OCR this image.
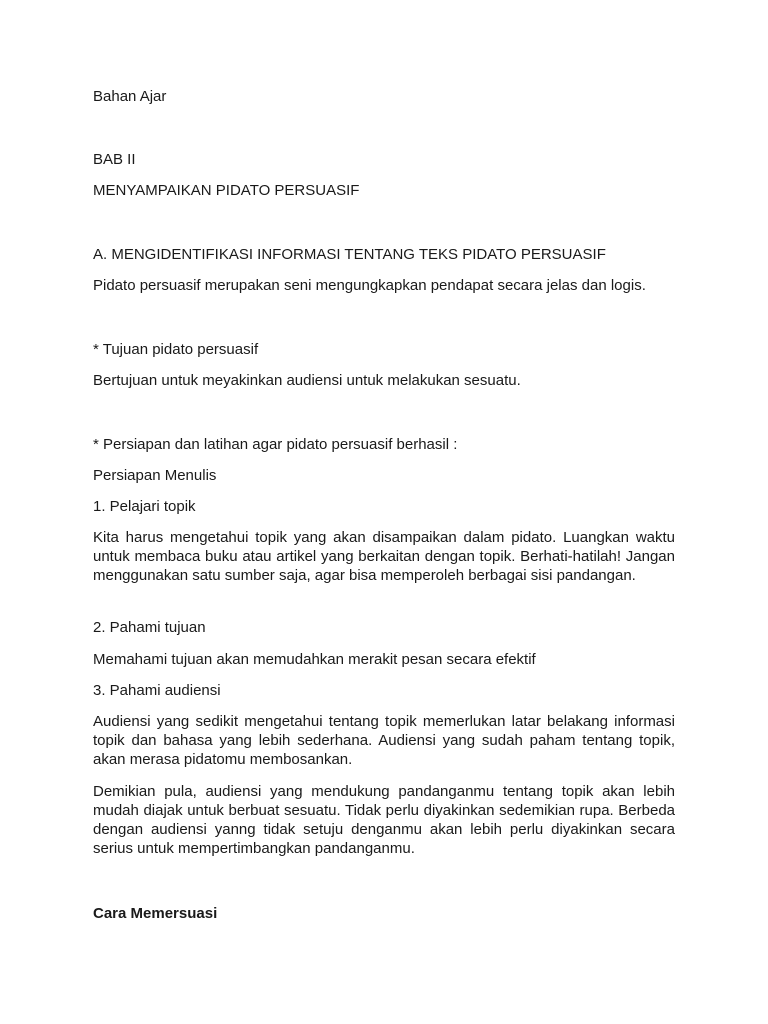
Bahan Ajar

BAB II

MENYAMPAIKAN PIDATO PERSUASIF

A. MENGIDENTIFIKASI INFORMASI TENTANG TEKS PIDATO PERSUASIF

Pidato persuasif merupakan seni mengungkapkan pendapat secara jelas dan logis.

* Tujuan pidato persuasif

Bertujuan untuk meyakinkan audiensi untuk melakukan sesuatu.

* Persiapan dan latihan agar pidato persuasif berhasil :

Persiapan Menulis

1. Pelajari topik

Kita harus mengetahui topik yang akan disampaikan dalam pidato. Luangkan waktu untuk membaca buku atau artikel yang berkaitan dengan topik. Berhati-hatilah! Jangan menggunakan satu sumber saja, agar bisa memperoleh berbagai sisi pandangan.

2. Pahami tujuan

Memahami tujuan akan memudahkan merakit pesan secara efektif

3. Pahami audiensi

Audiensi yang sedikit mengetahui tentang topik memerlukan latar belakang informasi topik dan bahasa yang lebih sederhana. Audiensi yang sudah paham tentang topik, akan merasa pidatomu membosankan.

Demikian pula, audiensi yang mendukung pandanganmu tentang topik akan lebih mudah diajak untuk berbuat sesuatu. Tidak perlu diyakinkan sedemikian rupa. Berbeda dengan audiensi yanng tidak setuju denganmu akan lebih perlu diyakinkan secara serius untuk mempertimbangkan pandanganmu.

Cara Memersuasi
